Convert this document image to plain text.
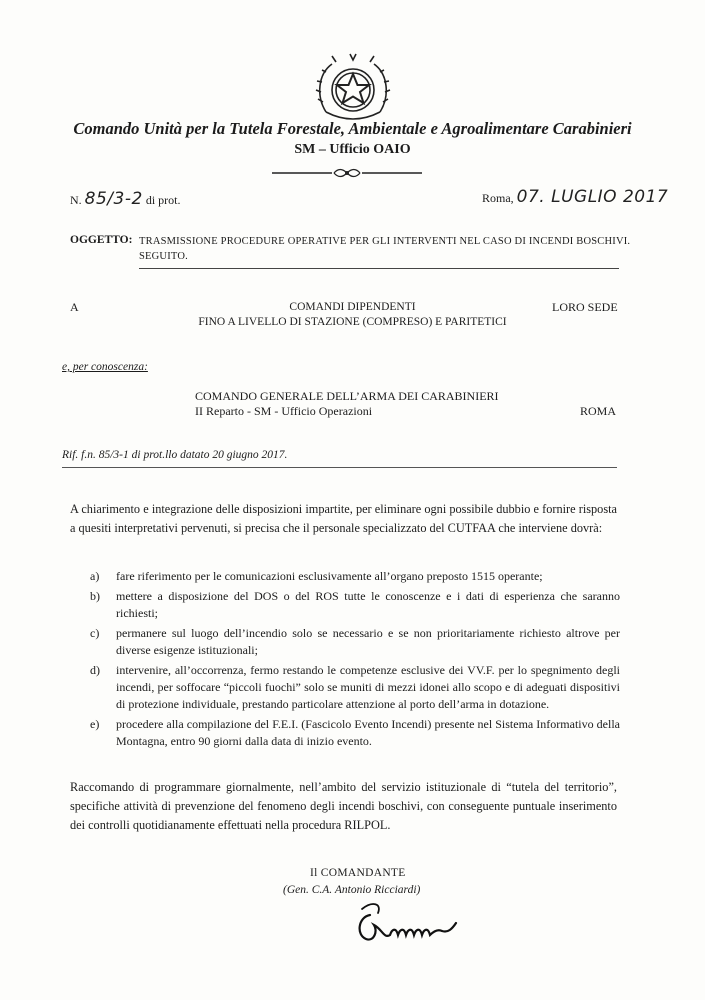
Comando Unità per la Tutela Forestale, Ambientale e Agroalimentare Carabinieri
SM – Ufficio OAIO
N. 85/3-2 di prot.	Roma, 07. LUGLIO 2017
OGGETTO: TRASMISSIONE PROCEDURE OPERATIVE PER GLI INTERVENTI NEL CASO DI INCENDI BOSCHIVI. SEGUITO.
A	COMANDI DIPENDENTI
FINO A LIVELLO DI STAZIONE (COMPRESO) E PARITETICI
LORO SEDE
e, per conoscenza:
COMANDO GENERALE DELL’ARMA DEI CARABINIERI
II Reparto - SM - Ufficio Operazioni	ROMA
Rif. f.n. 85/3-1 di prot.llo datato 20 giugno 2017.
A chiarimento e integrazione delle disposizioni impartite, per eliminare ogni possibile dubbio e fornire risposta a quesiti interpretativi pervenuti, si precisa che il personale specializzato del CUTFAA che interviene dovrà:
a) fare riferimento per le comunicazioni esclusivamente all’organo preposto 1515 operante;
b) mettere a disposizione del DOS o del ROS tutte le conoscenze e i dati di esperienza che saranno richiesti;
c) permanere sul luogo dell’incendio solo se necessario e se non prioritariamente richiesto altrove per diverse esigenze istituzionali;
d) intervenire, all’occorrenza, fermo restando le competenze esclusive dei VV.F. per lo spegnimento degli incendi, per soffocare “piccoli fuochi” solo se muniti di mezzi idonei allo scopo e di adeguati dispositivi di protezione individuale, prestando particolare attenzione al porto dell’arma in dotazione.
e) procedere alla compilazione del F.E.I. (Fascicolo Evento Incendi) presente nel Sistema Informativo della Montagna, entro 90 giorni dalla data di inizio evento.
Raccomando di programmare giornalmente, nell’ambito del servizio istituzionale di “tutela del territorio”, specifiche attività di prevenzione del fenomeno degli incendi boschivi, con conseguente puntuale inserimento dei controlli quotidianamente effettuati nella procedura RILPOL.
Il COMANDANTE
(Gen. C.A. Antonio Ricciardi)
